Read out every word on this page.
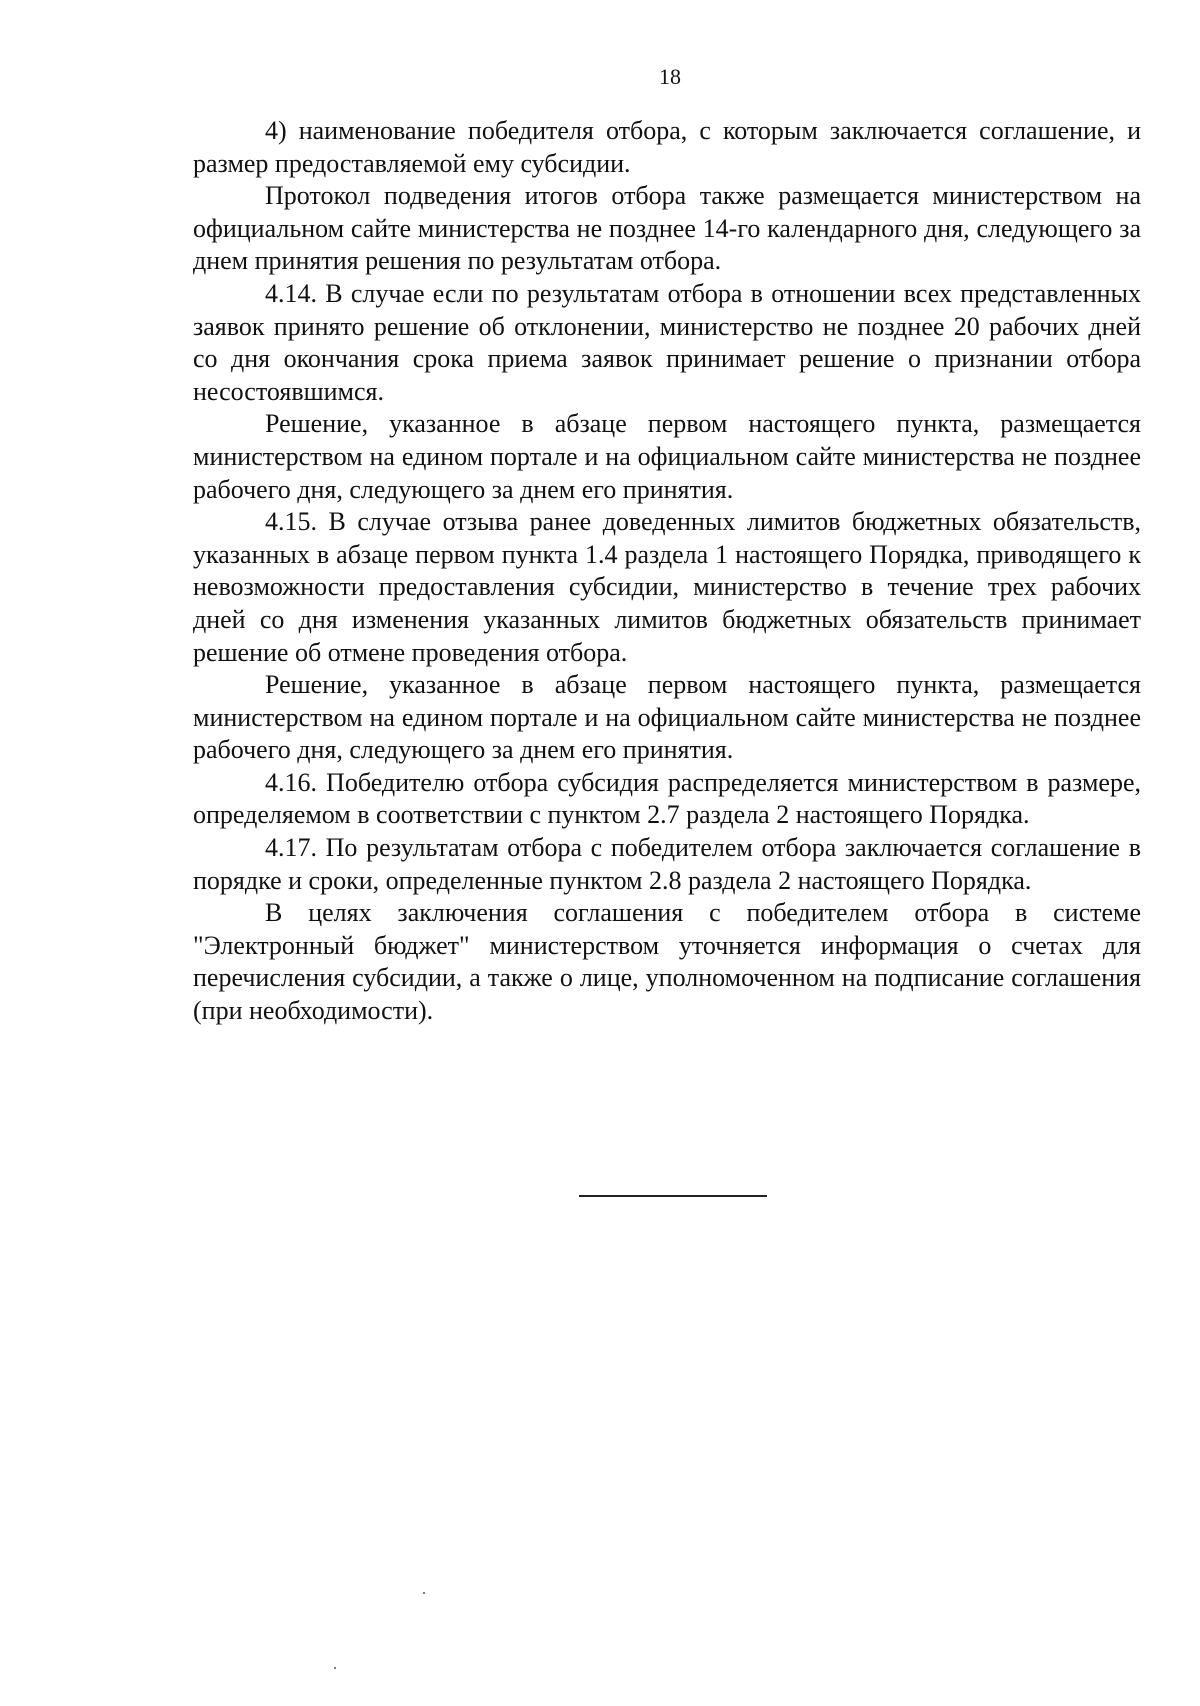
18

4) наименование победителя отбора, с которым заключается соглашение, и размер предоставляемой ему субсидии.

Протокол подведения итогов отбора также размещается министерством на официальном сайте министерства не позднее 14-го календарного дня, следующего за днем принятия решения по результатам отбора.

4.14. В случае если по результатам отбора в отношении всех представленных заявок принято решение об отклонении, министерство не позднее 20 рабочих дней со дня окончания срока приема заявок принимает решение о признании отбора несостоявшимся.

Решение, указанное в абзаце первом настоящего пункта, размещается министерством на едином портале и на официальном сайте министерства не позднее рабочего дня, следующего за днем его принятия.

4.15. В случае отзыва ранее доведенных лимитов бюджетных обязательств, указанных в абзаце первом пункта 1.4 раздела 1 настоящего Порядка, приводящего к невозможности предоставления субсидии, министерство в течение трех рабочих дней со дня изменения указанных лимитов бюджетных обязательств принимает решение об отмене проведения отбора.

Решение, указанное в абзаце первом настоящего пункта, размещается министерством на едином портале и на официальном сайте министерства не позднее рабочего дня, следующего за днем его принятия.

4.16. Победителю отбора субсидия распределяется министерством в размере, определяемом в соответствии с пунктом 2.7 раздела 2 настоящего Порядка.

4.17. По результатам отбора с победителем отбора заключается соглашение в порядке и сроки, определенные пунктом 2.8 раздела 2 настоящего Порядка.

В целях заключения соглашения с победителем отбора в системе "Электронный бюджет" министерством уточняется информация о счетах для перечисления субсидии, а также о лице, уполномоченном на подписание соглашения (при необходимости).
